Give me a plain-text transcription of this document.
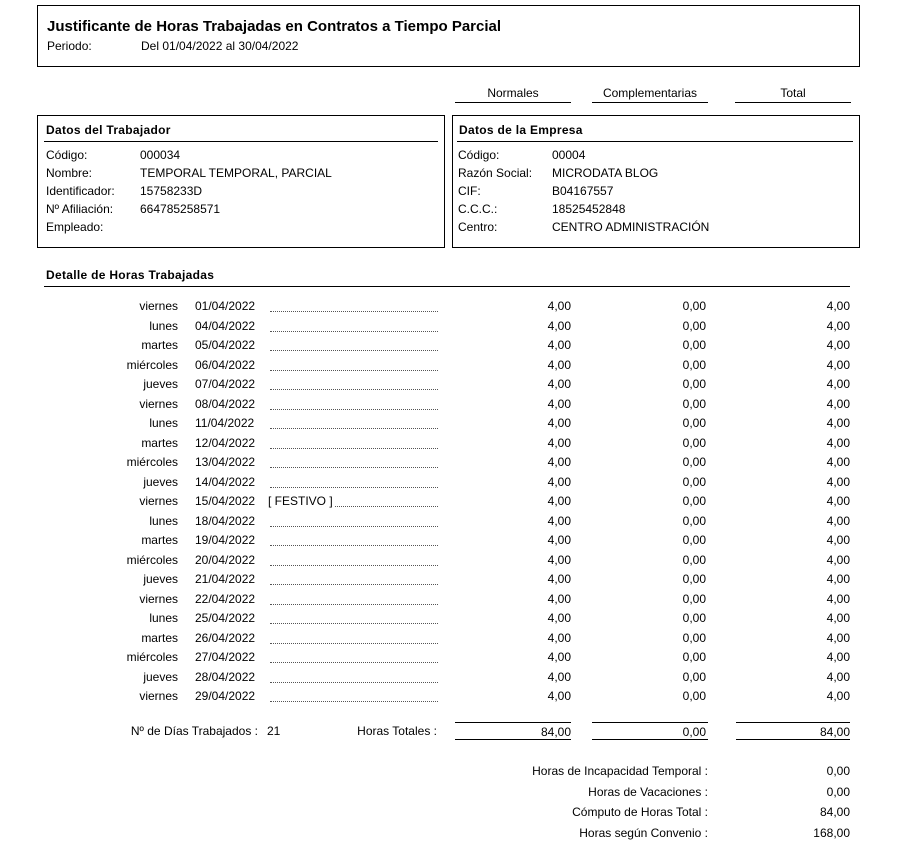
Justificante de Horas Trabajadas en Contratos a Tiempo Parcial
Periodo:	Del 01/04/2022 al 30/04/2022
Normales	Complementarias	Total
Datos del Trabajador
Código:	000034
Nombre:	TEMPORAL TEMPORAL, PARCIAL
Identificador: 15758233D
Nº Afiliación: 664785258571
Empleado:
Datos de la Empresa
Código:	00004
Razón Social: MICRODATA BLOG
CIF:	B04167557
C.C.C.:	18525452848
Centro:	CENTRO ADMINISTRACIÓN
Detalle de Horas Trabajadas
viernes 01/04/2022	4,00	0,00	4,00
lunes 04/04/2022	4,00	0,00	4,00
martes 05/04/2022	4,00	0,00	4,00
miércoles 06/04/2022	4,00	0,00	4,00
jueves 07/04/2022	4,00	0,00	4,00
viernes 08/04/2022	4,00	0,00	4,00
lunes 11/04/2022	4,00	0,00	4,00
martes 12/04/2022	4,00	0,00	4,00
miércoles 13/04/2022	4,00	0,00	4,00
jueves 14/04/2022	4,00	0,00	4,00
viernes 15/04/2022 [ FESTIVO ]	4,00	0,00	4,00
lunes 18/04/2022	4,00	0,00	4,00
martes 19/04/2022	4,00	0,00	4,00
miércoles 20/04/2022	4,00	0,00	4,00
jueves 21/04/2022	4,00	0,00	4,00
viernes 22/04/2022	4,00	0,00	4,00
lunes 25/04/2022	4,00	0,00	4,00
martes 26/04/2022	4,00	0,00	4,00
miércoles 27/04/2022	4,00	0,00	4,00
jueves 28/04/2022	4,00	0,00	4,00
viernes 29/04/2022	4,00	0,00	4,00
Nº de Días Trabajados : 21	Horas Totales :	84,00	0,00	84,00
Horas de Incapacidad Temporal :	0,00
Horas de Vacaciones :	0,00
Cómputo de Horas Total :	84,00
Horas según Convenio :	168,00
